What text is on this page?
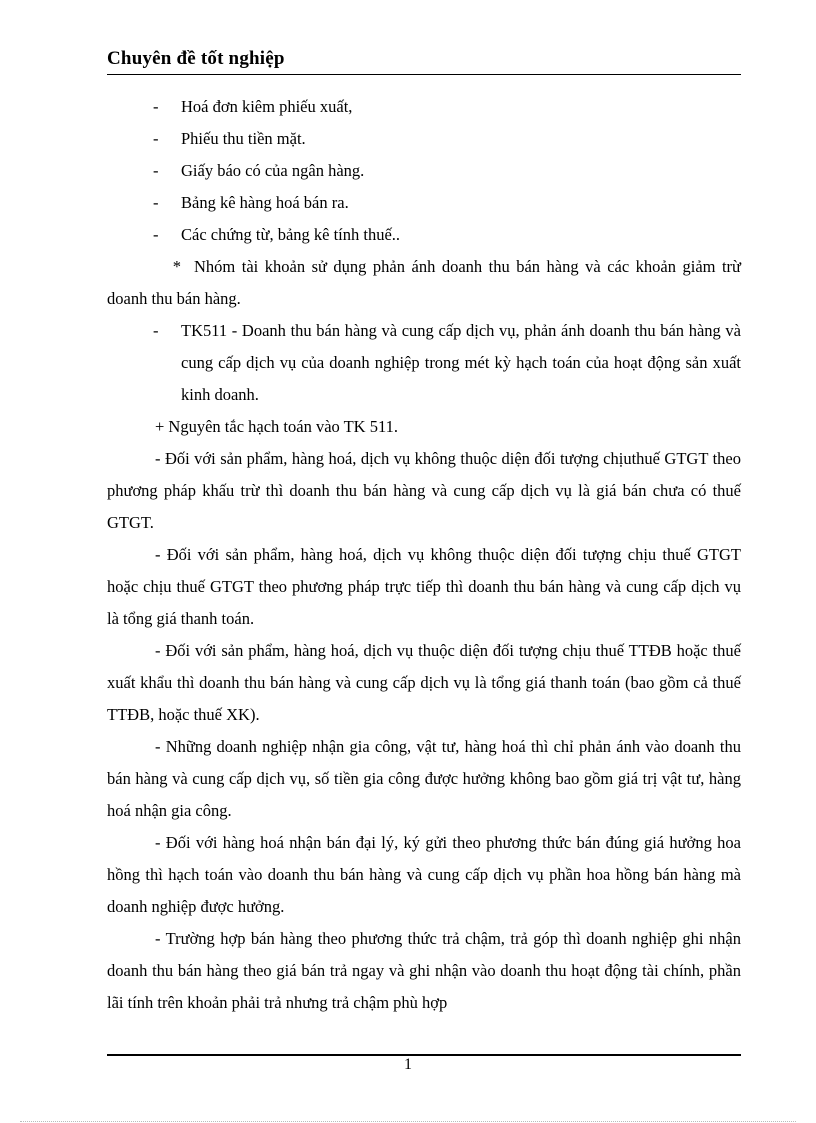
Chuyên đề tốt nghiệp
- Hoá đơn kiêm phiếu xuất,
- Phiếu thu tiền mặt.
- Giấy báo có của ngân hàng.
- Bảng kê hàng hoá bán ra.
- Các chứng từ, bảng kê tính thuế..
* Nhóm tài khoản sử dụng phản ánh doanh thu bán hàng và các khoản giảm trừ doanh thu bán hàng.
- TK511 - Doanh thu bán hàng và cung cấp dịch vụ, phản ánh doanh thu bán hàng và cung cấp dịch vụ của doanh nghiệp trong mét kỳ hạch toán của hoạt động sản xuất kinh doanh.
+ Nguyên tắc hạch toán vào TK 511.
- Đối với sản phẩm, hàng hoá, dịch vụ không thuộc diện đối tượng chịuthuế GTGT theo phương pháp khấu trừ thì doanh thu bán hàng và cung cấp dịch vụ là giá bán chưa có thuế GTGT.
- Đối với sản phẩm, hàng hoá, dịch vụ không thuộc diện đối tượng chịu thuế GTGT hoặc chịu thuế GTGT theo phương pháp trực tiếp thì doanh thu bán hàng và cung cấp dịch vụ là tổng giá thanh toán.
- Đối với sản phẩm, hàng hoá, dịch vụ thuộc diện đối tượng chịu thuế TTĐB hoặc thuế xuất khẩu thì doanh thu bán hàng và cung cấp dịch vụ là tổng giá thanh toán (bao gồm cả thuế TTĐB, hoặc thuế XK).
- Những doanh nghiệp nhận gia công, vật tư, hàng hoá thì chỉ phản ánh vào doanh thu bán hàng và cung cấp dịch vụ, số tiền gia công được hưởng không bao gồm giá trị vật tư, hàng hoá nhận gia công.
- Đối với hàng hoá nhận bán đại lý, ký gửi theo phương thức bán đúng giá hưởng hoa hồng thì hạch toán vào doanh thu bán hàng và cung cấp dịch vụ phần hoa hồng bán hàng mà doanh nghiệp được hưởng.
- Trường hợp bán hàng theo phương thức trả chậm, trả góp thì doanh nghiệp ghi nhận doanh thu bán hàng theo giá bán trả ngay và ghi nhận vào doanh thu hoạt động tài chính, phần lãi tính trên khoản phải trả nhưng trả chậm phù hợp
1
